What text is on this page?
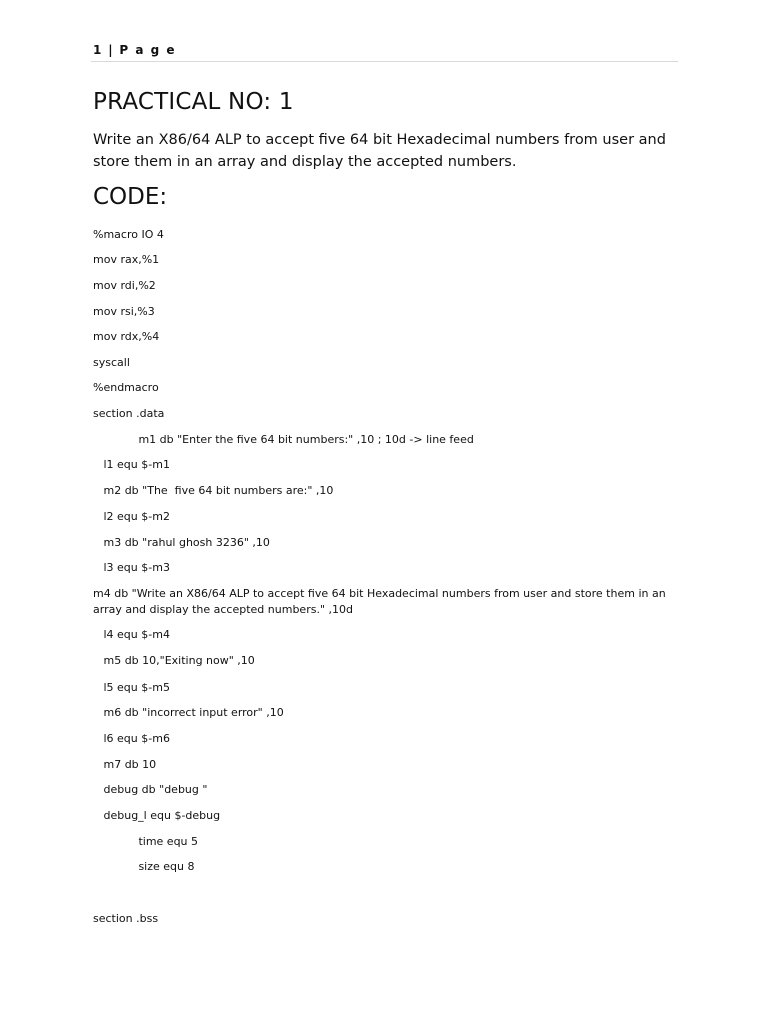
1 | P a g e
PRACTICAL NO: 1
Write an X86/64 ALP to accept five 64 bit Hexadecimal numbers from user and store them in an array and display the accepted numbers.
CODE:
%macro IO 4
mov rax,%1
mov rdi,%2
mov rsi,%3
mov rdx,%4
syscall
%endmacro
section .data
m1 db "Enter the five 64 bit numbers:" ,10 ; 10d -> line feed
l1 equ $-m1
m2 db "The  five 64 bit numbers are:" ,10
l2 equ $-m2
m3 db "rahul ghosh 3236" ,10
l3 equ $-m3
m4 db "Write an X86/64 ALP to accept five 64 bit Hexadecimal numbers from user and store them in an array and display the accepted numbers." ,10d
l4 equ $-m4
m5 db 10,"Exiting now" ,10
l5 equ $-m5
m6 db "incorrect input error" ,10
l6 equ $-m6
m7 db 10
debug db "debug "
debug_l equ $-debug
time equ 5
size equ 8
section .bss
